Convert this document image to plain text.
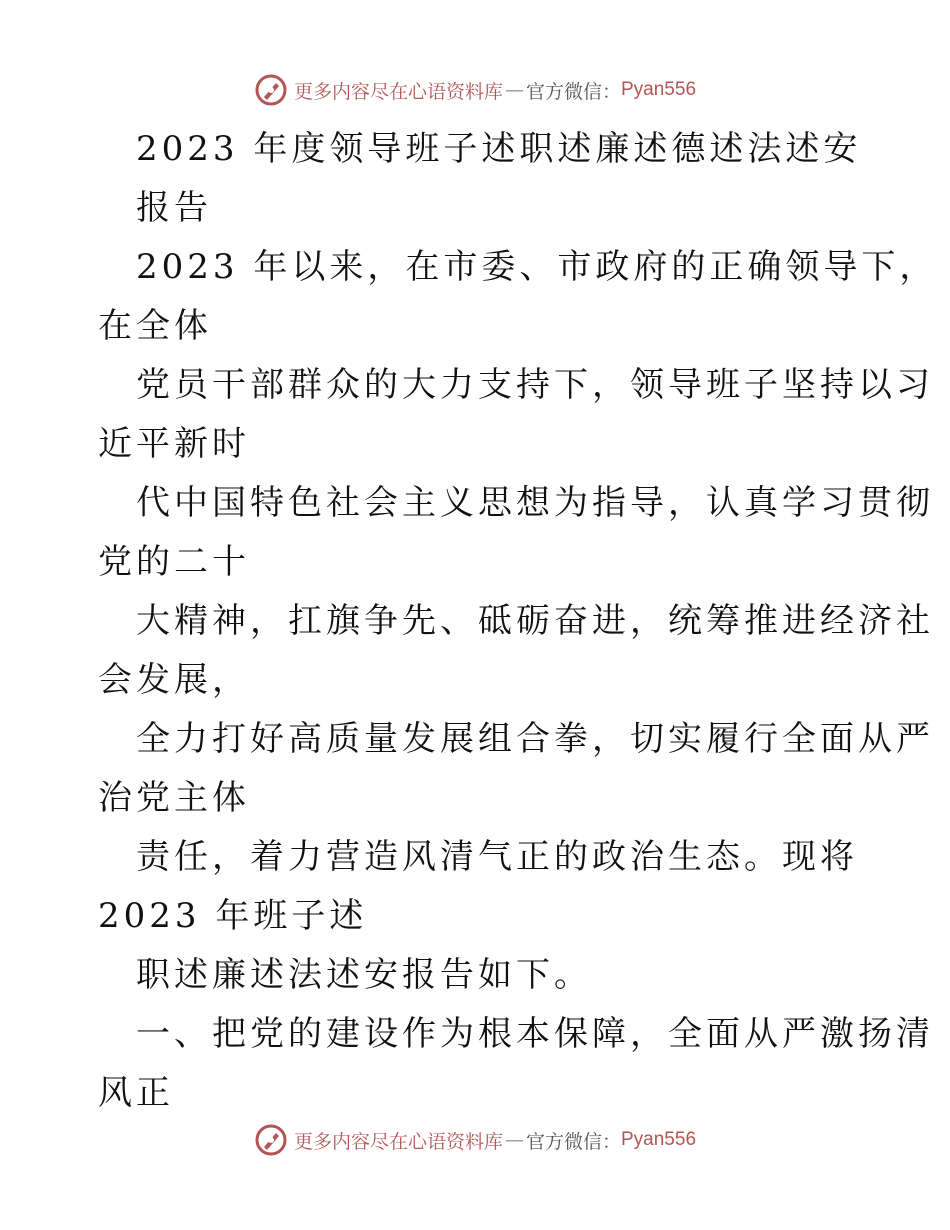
更多内容尽在心语资料库 — 官方微信： Pyan556
2023 年度领导班子述职述廉述德述法述安
报告
2023 年以来，在市委、市政府的正确领导下，
在全体
党员干部群众的大力支持下，领导班子坚持以习
近平新时
代中国特色社会主义思想为指导，认真学习贯彻
党的二十
大精神，扛旗争先、砥砺奋进，统筹推进经济社
会发展，
全力打好高质量发展组合拳，切实履行全面从严
治党主体
责任，着力营造风清气正的政治生态。现将
2023 年班子述
职述廉述法述安报告如下。
一、把党的建设作为根本保障，全面从严激扬清
风正
更多内容尽在心语资料库 — 官方微信： Pyan556
